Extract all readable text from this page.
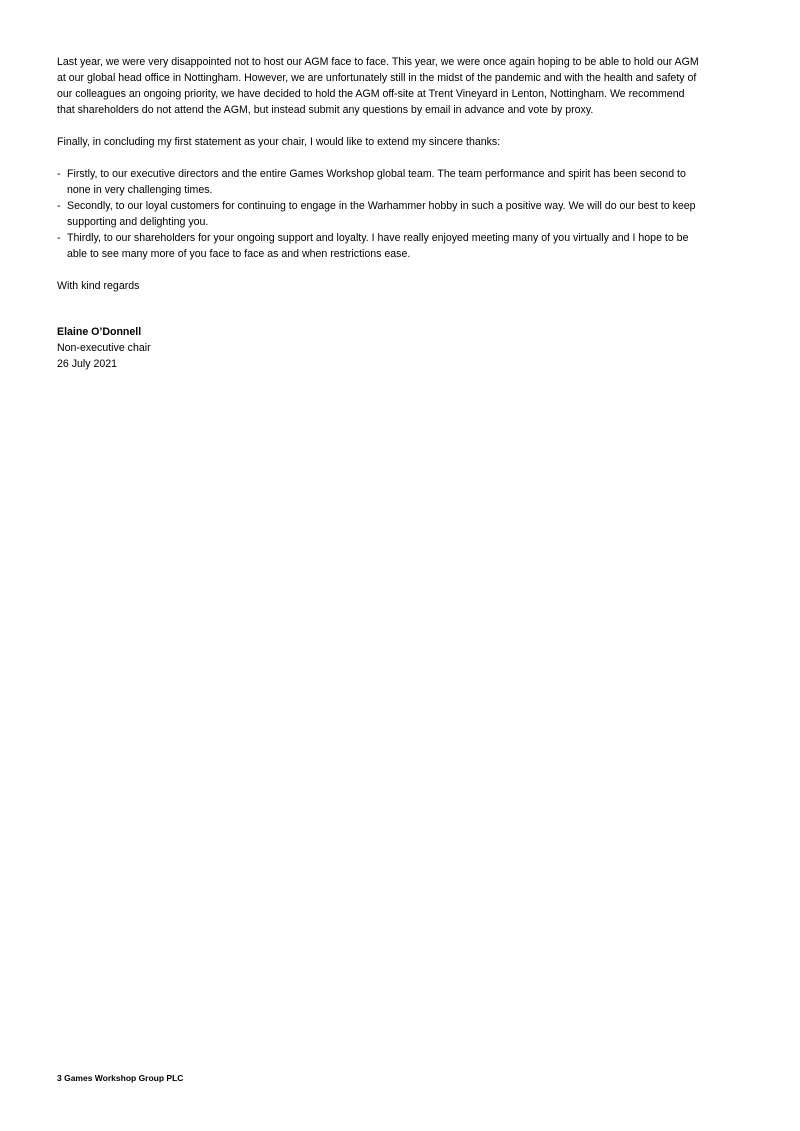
Last year, we were very disappointed not to host our AGM face to face. This year, we were once again hoping to be able to hold our AGM
at our global head office in Nottingham. However, we are unfortunately still in the midst of the pandemic and with the health and safety of
our colleagues an ongoing priority, we have decided to hold the AGM off-site at Trent Vineyard in Lenton, Nottingham. We recommend
that shareholders do not attend the AGM, but instead submit any questions by email in advance and vote by proxy.
Finally, in concluding my first statement as your chair, I would like to extend my sincere thanks:
- Firstly, to our executive directors and the entire Games Workshop global team. The team performance and spirit has been second to
none in very challenging times.
- Secondly, to our loyal customers for continuing to engage in the Warhammer hobby in such a positive way. We will do our best to keep
supporting and delighting you.
- Thirdly, to our shareholders for your ongoing support and loyalty. I have really enjoyed meeting many of you virtually and I hope to be
able to see many more of you face to face as and when restrictions ease.
With kind regards
Elaine O’Donnell
Non-executive chair
26 July 2021
3 Games Workshop Group PLC
